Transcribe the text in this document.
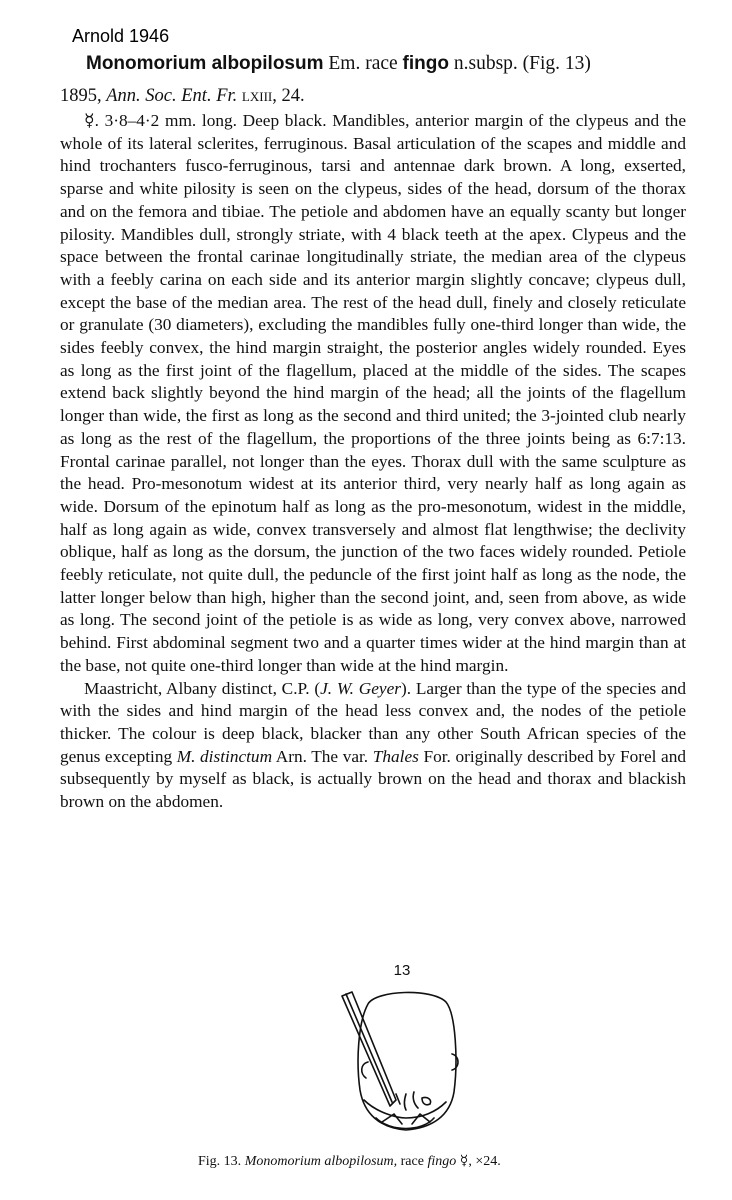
Arnold 1946
Monomorium albopilosum Em. race fingo n.subsp. (Fig. 13)
1895, Ann. Soc. Ent. Fr. lxiii, 24.

☿. 3·8–4·2 mm. long. Deep black. Mandibles, anterior margin of the clypeus and the whole of its lateral sclerites, ferruginous. Basal articulation of the scapes and middle and hind trochanters fusco-ferruginous, tarsi and antennae dark brown. A long, exserted, sparse and white pilosity is seen on the clypeus, sides of the head, dorsum of the thorax and on the femora and tibiae. The petiole and abdomen have an equally scanty but longer pilosity. Mandibles dull, strongly striate, with 4 black teeth at the apex. Clypeus and the space between the frontal carinae longitudinally striate, the median area of the clypeus with a feebly carina on each side and its anterior margin slightly concave; clypeus dull, except the base of the median area. The rest of the head dull, finely and closely reticulate or granulate (30 diameters), excluding the mandibles fully one-third longer than wide, the sides feebly convex, the hind margin straight, the posterior angles widely rounded. Eyes as long as the first joint of the flagellum, placed at the middle of the sides. The scapes extend back slightly beyond the hind margin of the head; all the joints of the flagellum longer than wide, the first as long as the second and third united; the 3-jointed club nearly as long as the rest of the flagellum, the proportions of the three joints being as 6:7:13. Frontal carinae parallel, not longer than the eyes. Thorax dull with the same sculpture as the head. Pro-mesonotum widest at its anterior third, very nearly half as long again as wide. Dorsum of the epinotum half as long as the pro-mesonotum, widest in the middle, half as long again as wide, convex transversely and almost flat lengthwise; the declivity oblique, half as long as the dorsum, the junction of the two faces widely rounded. Petiole feebly reticulate, not quite dull, the peduncle of the first joint half as long as the node, the latter longer below than high, higher than the second joint, and, seen from above, as wide as long. The second joint of the petiole is as wide as long, very convex above, narrowed behind. First abdominal segment two and a quarter times wider at the hind margin than at the base, not quite one-third longer than wide at the hind margin.

Maastricht, Albany distinct, C.P. (J. W. Geyer). Larger than the type of the species and with the sides and hind margin of the head less convex and, the nodes of the petiole thicker. The colour is deep black, blacker than any other South African species of the genus excepting M. distinctum Arn. The var. Thales For. originally described by Forel and subsequently by myself as black, is actually brown on the head and thorax and blackish brown on the abdomen.

13
Fig. 13. Monomorium albopilosum, race fingo ☿, ×24.
